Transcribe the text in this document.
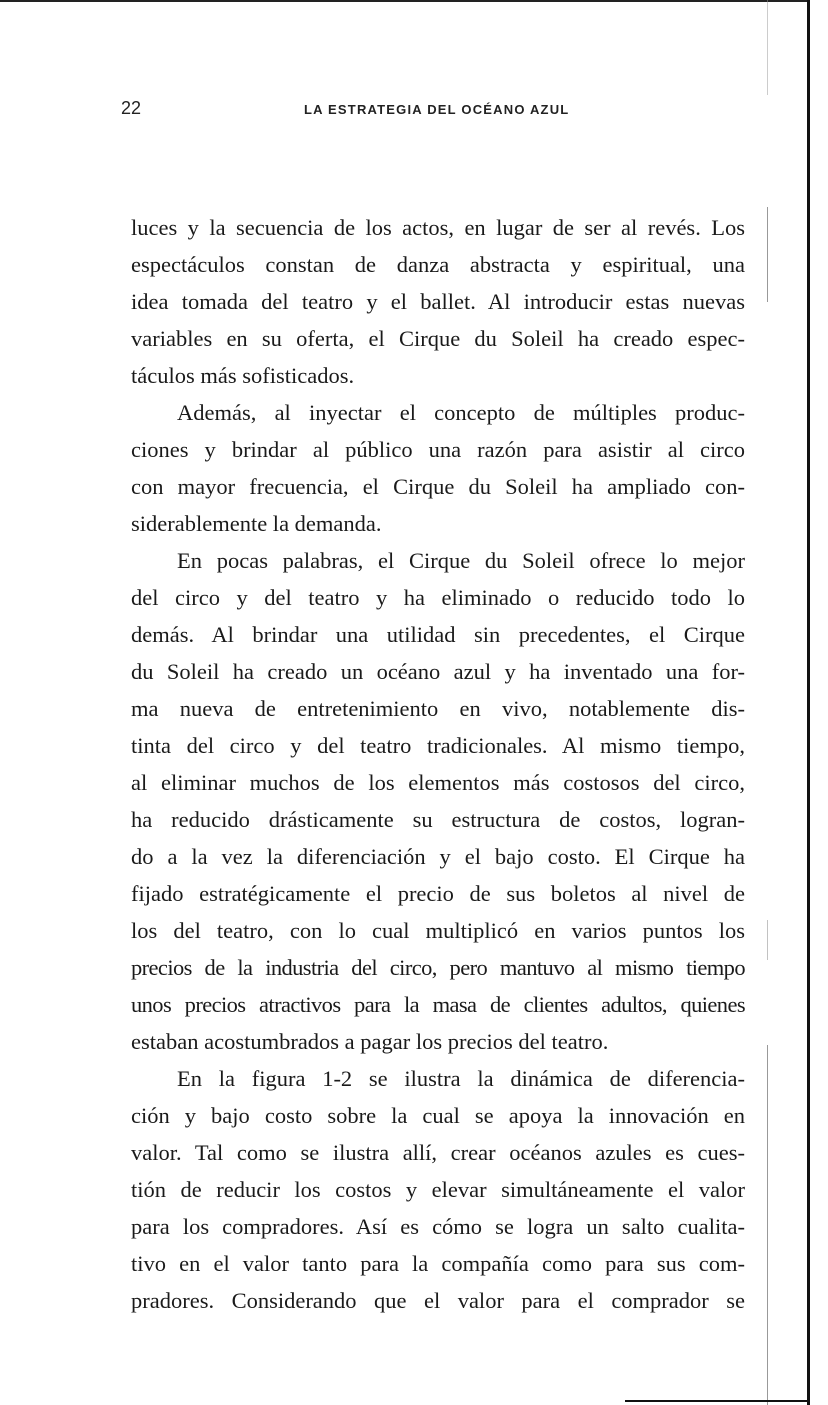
22	LA ESTRATEGIA DEL OCÉANO AZUL

luces y la secuencia de los actos, en lugar de ser al revés. Los
espectáculos constan de danza abstracta y espiritual, una
idea tomada del teatro y el ballet. Al introducir estas nuevas
variables en su oferta, el Cirque du Soleil ha creado espec-
táculos más sofisticados.

Además, al inyectar el concepto de múltiples produc-
ciones y brindar al público una razón para asistir al circo
con mayor frecuencia, el Cirque du Soleil ha ampliado con-
siderablemente la demanda.

En pocas palabras, el Cirque du Soleil ofrece lo mejor
del circo y del teatro y ha eliminado o reducido todo lo
demás. Al brindar una utilidad sin precedentes, el Cirque
du Soleil ha creado un océano azul y ha inventado una for-
ma nueva de entretenimiento en vivo, notablemente dis-
tinta del circo y del teatro tradicionales. Al mismo tiempo,
al eliminar muchos de los elementos más costosos del circo,
ha reducido drásticamente su estructura de costos, logran-
do a la vez la diferenciación y el bajo costo. El Cirque ha
fijado estratégicamente el precio de sus boletos al nivel de
los del teatro, con lo cual multiplicó en varios puntos los
precios de la industria del circo, pero mantuvo al mismo tiempo
unos precios atractivos para la masa de clientes adultos, quienes
estaban acostumbrados a pagar los precios del teatro.

En la figura 1-2 se ilustra la dinámica de diferencia-
ción y bajo costo sobre la cual se apoya la innovación en
valor. Tal como se ilustra allí, crear océanos azules es cues-
tión de reducir los costos y elevar simultáneamente el valor
para los compradores. Así es cómo se logra un salto cualita-
tivo en el valor tanto para la compañía como para sus com-
pradores. Considerando que el valor para el comprador se
